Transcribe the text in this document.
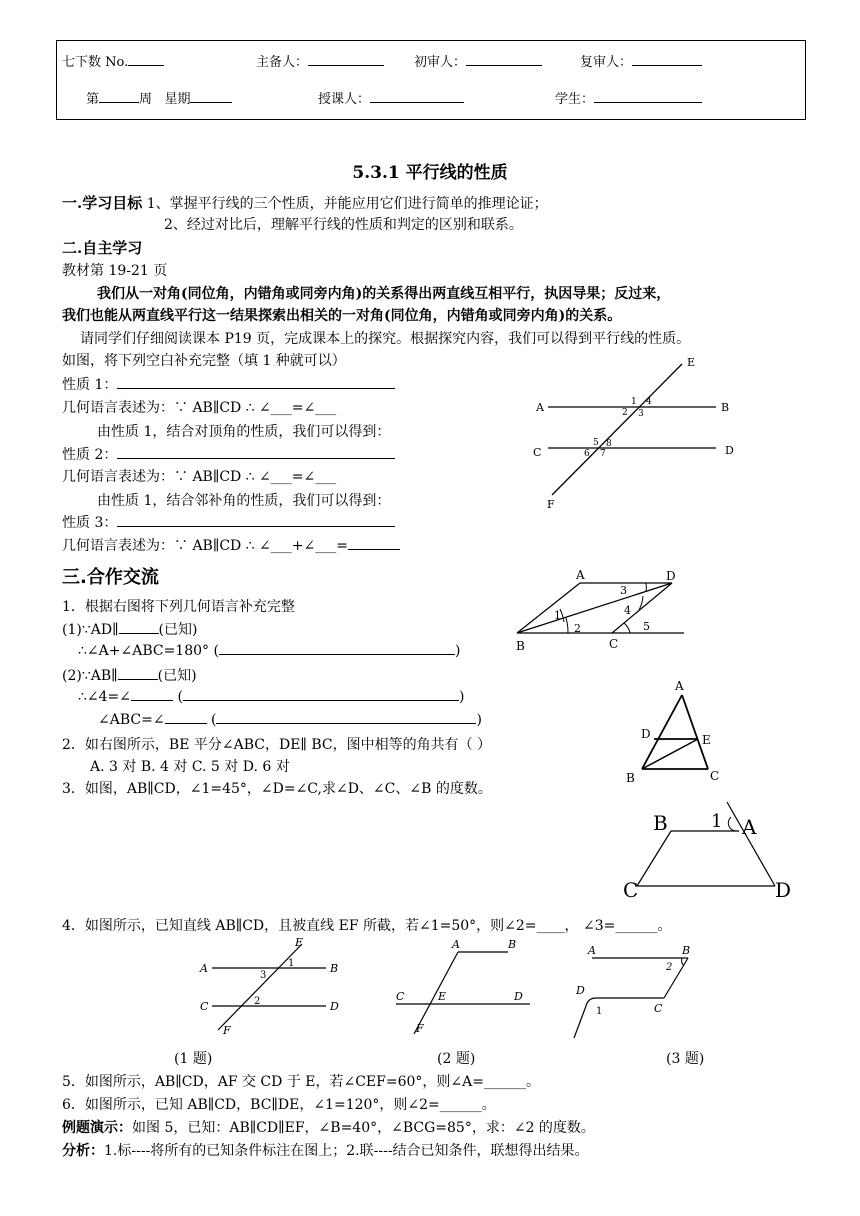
七下数 No.	主备人：	初审人：	复审人：
第	周 星期	授课人：	学生：
5.3.1 平行线的性质
一.学习目标 1、掌握平行线的三个性质，并能应用它们进行简单的推理论证；
2、经过对比后，理解平行线的性质和判定的区别和联系。
二.自主学习
教材第 19-21 页
我们从一对角(同位角，内错角或同旁内角)的关系得出两直线互相平行，执因导果；反过来，
我们也能从两直线平行这一结果探索出相关的一对角(同位角，内错角或同旁内角)的关系。
请同学们仔细阅读课本 P19 页，完成课本上的探究。根据探究内容，我们可以得到平行线的性质。
如图，将下列空白补充完整（填 1 种就可以）
性质 1：
几何语言表述为：∵ AB∥CD ∴ ∠___=∠___
由性质 1，结合对顶角的性质，我们可以得到：
性质 2：
几何语言表述为：∵ AB∥CD ∴ ∠___=∠___
由性质 1，结合邻补角的性质，我们可以得到：
性质 3：
几何语言表述为：∵ AB∥CD ∴ ∠___+∠___=
E
A	B
C	D
F
1 4
2 3
5 8
6 7
三.合作交流
1．根据右图将下列几何语言补充完整
(1)∵AD∥	(已知)
∴∠A+∠ABC=180° (	)
(2)∵AB∥	(已知)
∴∠4=∠	(	)
∠ABC=∠	(	)
2．如右图所示，BE 平分∠ABC，DE∥ BC，图中相等的角共有（ ）
A. 3 对 B. 4 对 C. 5 对 D. 6 对
3．如图，AB∥CD，∠1=45°，∠D=∠C,求∠D、∠C、∠B 的度数。
4．如图所示，已知直线 AB∥CD，且被直线 EF 所截，若∠1=50°，则∠2=____， ∠3=______。
A	D
B	C
1
2
3
4
5
A
D	E
B	C
B 1 A
C	D
E
A	B
C	D
F
1
3
2
A	B
C	E	D
F
A	B
2
D
1	C
(1 题)	(2 题)	(3 题)
5．如图所示，AB∥CD，AF 交 CD 于 E，若∠CEF=60°，则∠A=______。
6．如图所示，已知 AB∥CD，BC∥DE，∠1=120°，则∠2=______。
例题演示：如图 5，已知：AB∥CD∥EF，∠B=40°，∠BCG=85°，求：∠2 的度数。
分析：1.标----将所有的已知条件标注在图上；2.联----结合已知条件，联想得出结果。
